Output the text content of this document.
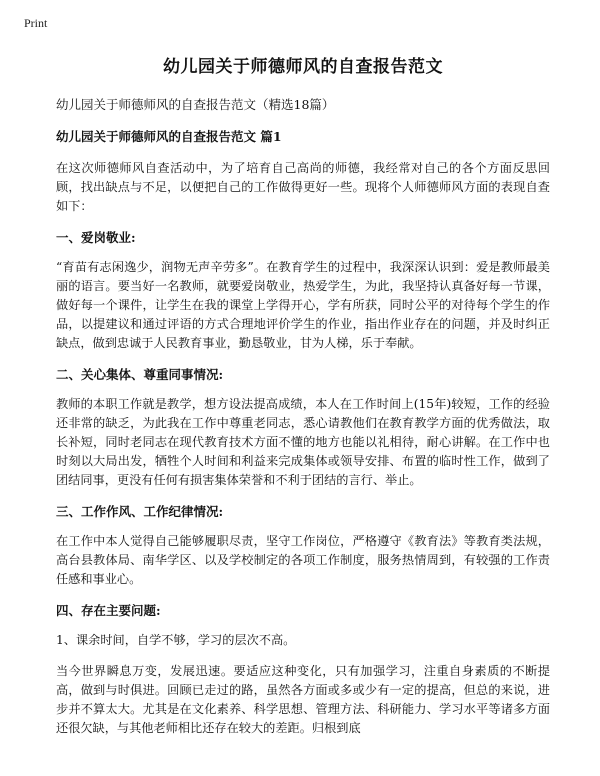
Print
幼儿园关于师德师风的自查报告范文
幼儿园关于师德师风的自查报告范文（精选18篇）
幼儿园关于师德师风的自查报告范文 篇1
在这次师德师风自查活动中，为了培育自己高尚的师德，我经常对自己的各个方面反思回顾，找出缺点与不足，以便把自己的工作做得更好一些。现将个人师德师风方面的表现自查如下：
一、爱岗敬业:
“育苗有志闲逸少，润物无声辛劳多”。在教育学生的过程中，我深深认识到：爱是教师最美丽的语言。要当好一名教师，就要爱岗敬业，热爱学生，为此，我坚持认真备好每一节课，做好每一个课件，让学生在我的课堂上学得开心，学有所获，同时公平的对待每个学生的作品，以提建议和通过评语的方式合理地评价学生的作业，指出作业存在的问题，并及时纠正缺点，做到忠诚于人民教育事业，勤恳敬业，甘为人梯，乐于奉献。
二、关心集体、尊重同事情况:
教师的本职工作就是教学，想方设法提高成绩，本人在工作时间上(15年)较短，工作的经验还非常的缺乏，为此我在工作中尊重老同志，悉心请教他们在教育教学方面的优秀做法，取长补短，同时老同志在现代教育技术方面不懂的地方也能以礼相待，耐心讲解。在工作中也时刻以大局出发，牺牲个人时间和利益来完成集体或领导安排、布置的临时性工作，做到了团结同事，更没有任何有损害集体荣誉和不利于团结的言行、举止。
三、工作作风、工作纪律情况:
在工作中本人觉得自己能够履职尽责，坚守工作岗位，严格遵守《教育法》等教育类法规，高台县教体局、南华学区、以及学校制定的各项工作制度，服务热情周到，有较强的工作责任感和事业心。
四、存在主要问题:
1、课余时间，自学不够，学习的层次不高。
当今世界瞬息万变，发展迅速。要适应这种变化，只有加强学习，注重自身素质的不断提高，做到与时俱进。回顾已走过的路，虽然各方面或多或少有一定的提高，但总的来说，进步并不算太大。尤其是在文化素养、科学思想、管理方法、科研能力、学习水平等诸多方面还很欠缺，与其他老师相比还存在较大的差距。归根到底
